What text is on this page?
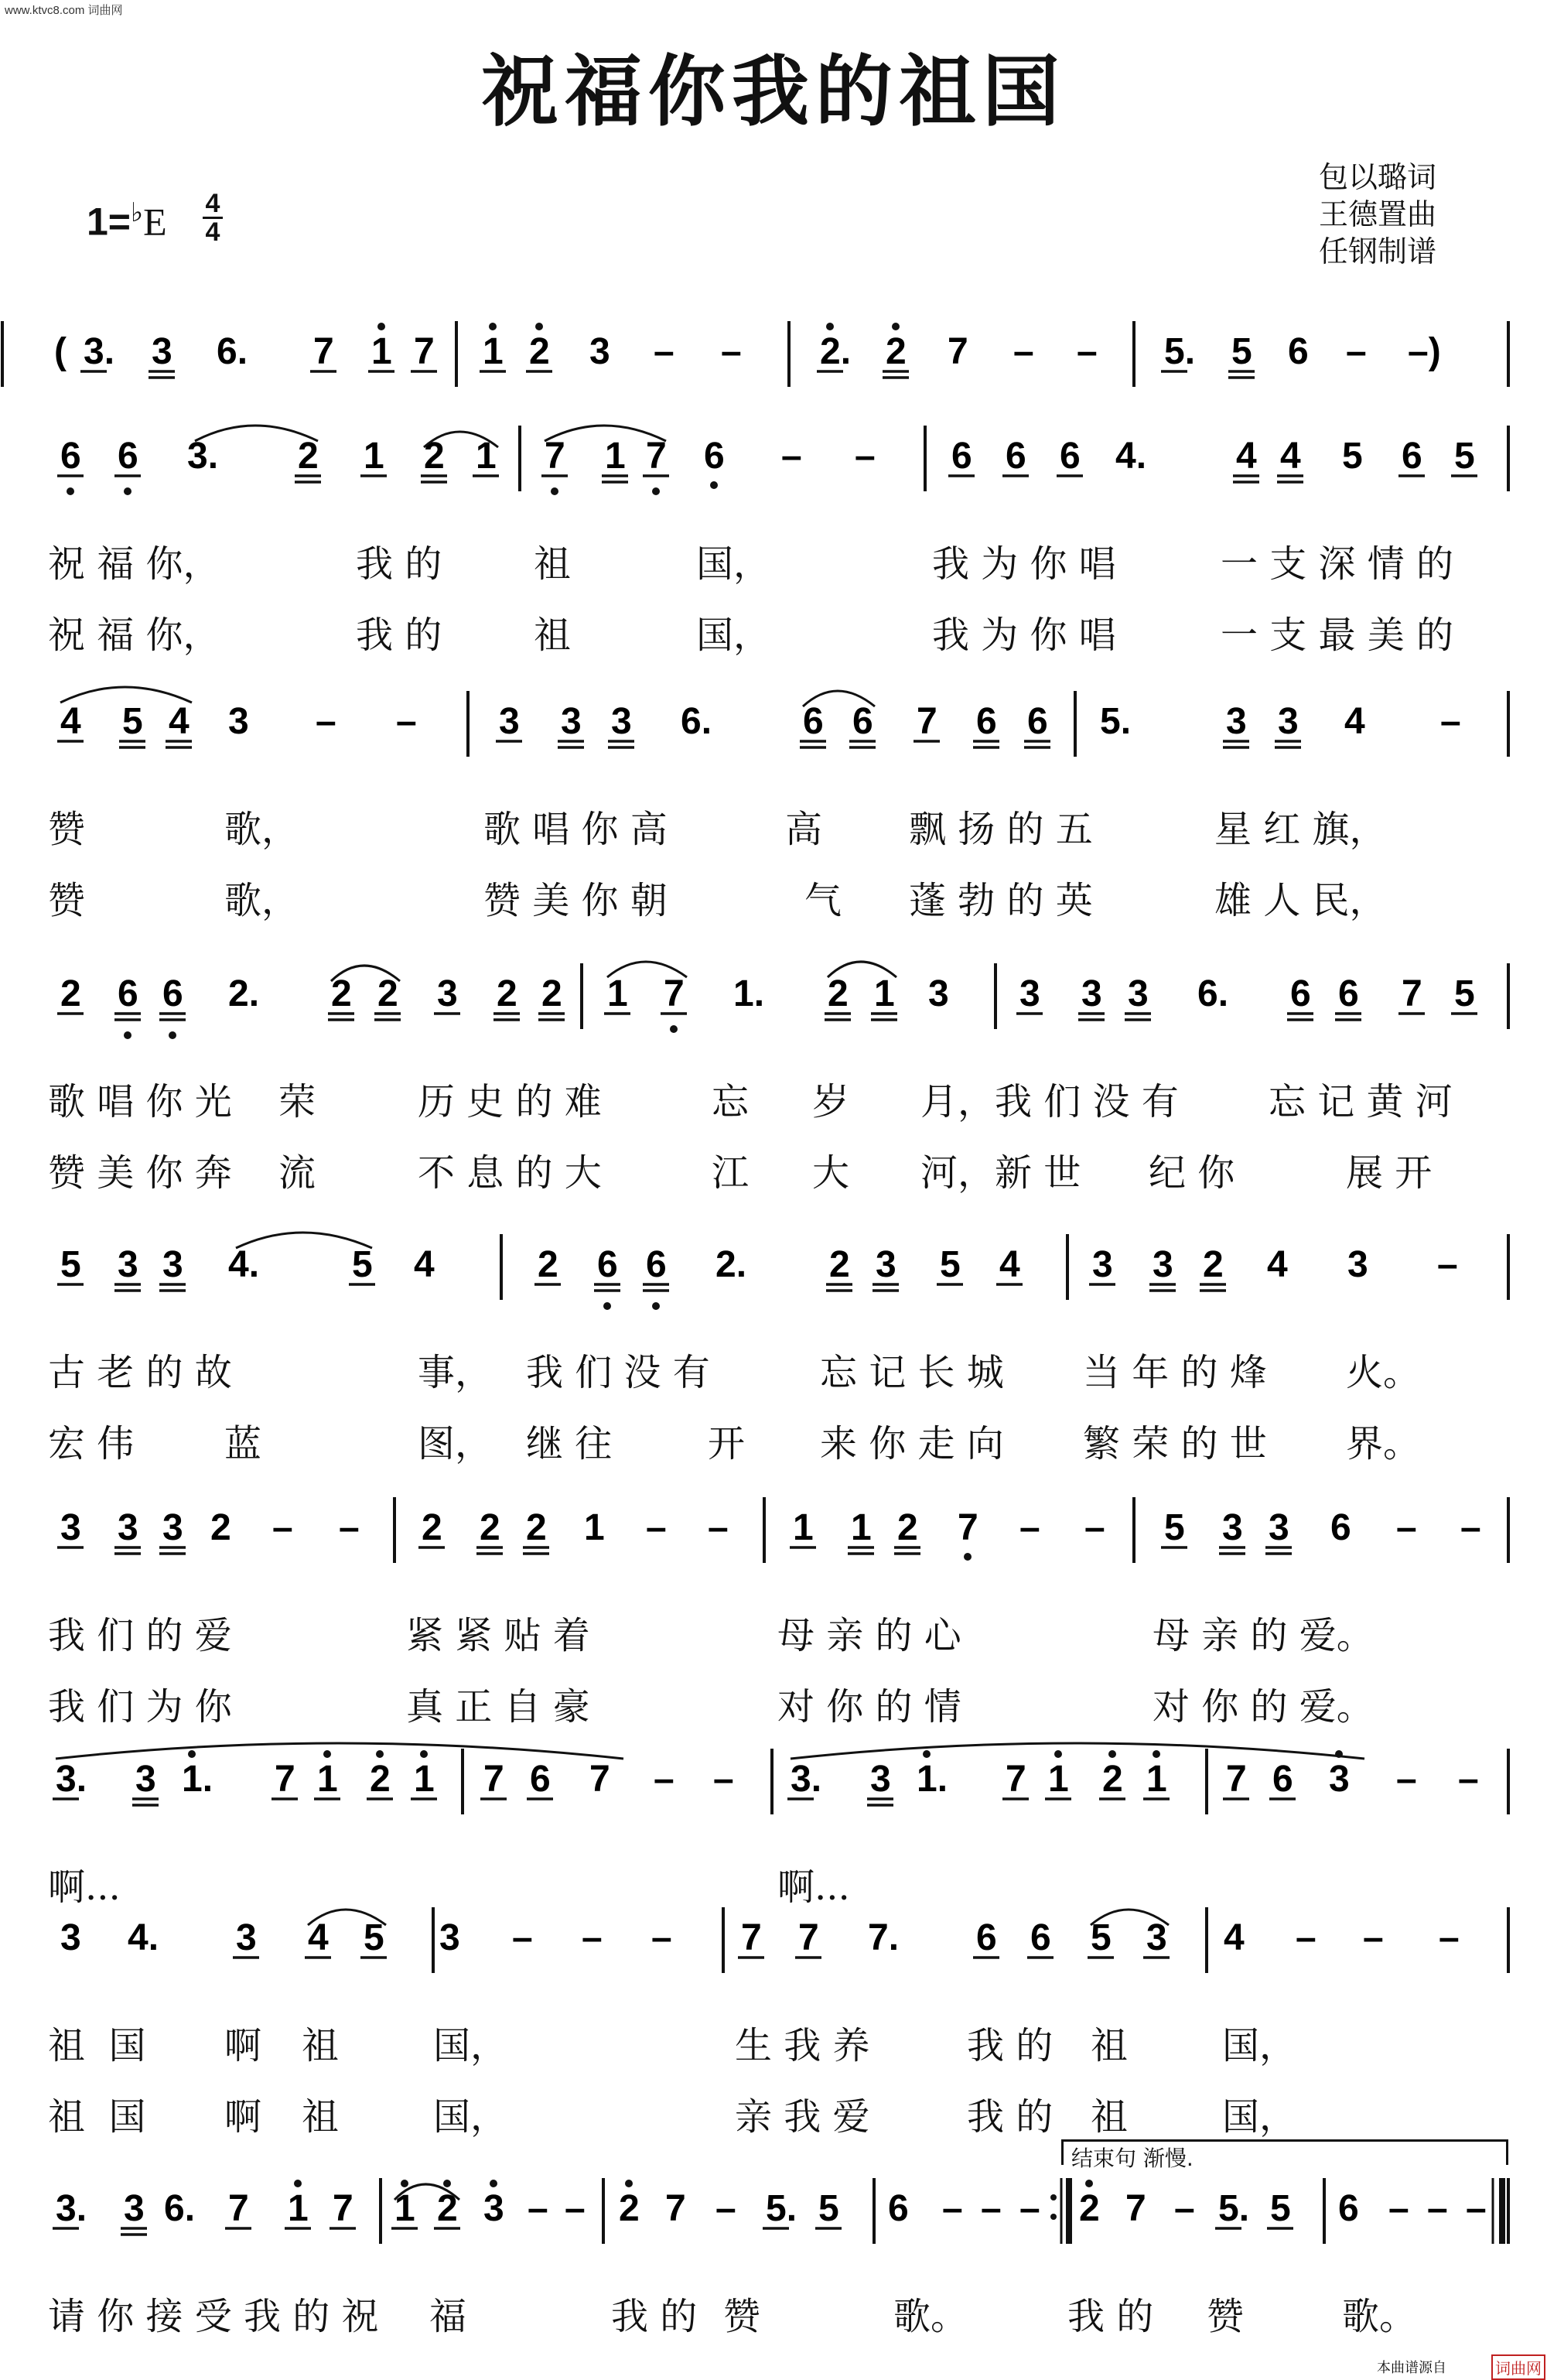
www.ktvc8.com 词曲网
祝福你我的祖国
$1=^♭E \frac{4}{4}$
包以璐词
王德置曲
任钢制谱
结束句 渐慢.
( 3. 3 6. 7 1 7 1 2 3 – – 2. 2 7 – – 5. 5 6 – –)
6 6 3. 2 1 2 1 7 1 7 6 – – 6 6 6 4. 4 4 5 6 5
4 5 4 3 – – 3 3 3 6. 6 6 7 6 6 5.	3 3 4 –
2 6 6 2. 2 2 3 2 2 1 7 1. 2 1 3 3 3 3 6. 6 6 7 5
5 3 3 4. 5 4	2 6 6 2. 2 3 5 4 3 3 2 4 3 –
3 3 3 2 – – 2 2 2 1 – – 1 1 2 7 – – 5 3 3 6 – –
3. 3 1. 7 1 2 1 7 6 7 – – 3. 3 1. 7 1 2 1 7 6 3 – –
3 4. 3 4 5 3 – – – 7 7 7. 6 6 5 3 4 – – –
3. 3 6. 7 1 7 1 2 3 – – 2 7 – 5. 5 6 – – – 2 7 – 5. 5 6 – – –
祝 福 你，	我 的 祖	国，	我 为 你 唱	一 支 深 情 的
祝 福 你，	我 的 祖	国，	我 为 你 唱	一 支 最 美 的
赞	歌，	歌 唱 你 高	高 飘 扬 的 五	星 红 旗，
赞	歌，	赞 美 你 朝	气 蓬 勃 的 英	雄 人 民，
歌 唱 你 光 荣	历 史 的 难	忘 岁 月，我 们 没 有 忘 记 黄 河
赞 美 你 奔 流	不 息 的 大	江 大 河，新 世 纪 你	展 开
古 老 的 故	事， 我 们 没 有	忘 记 长 城 当 年 的 烽 火。
宏 伟 蓝	图， 继 往	开 来 你 走 向 繁 荣 的 世 界。
我 们 的 爱	紧 紧 贴 着	母 亲 的 心	母 亲 的 爱。
我 们 为 你	真 正 自 豪	对 你 的 情	对 你 的 爱。
啊...	啊...
祖  国 啊 祖	国，	生 我 养	我 的 祖	国，
祖  国 啊 祖	国，	亲 我 爱	我 的 祖	国，
请 你 接 受 我 的 祝 福	我 的 赞	歌。	我 的 赞	歌。
本曲谱源自	词曲网
